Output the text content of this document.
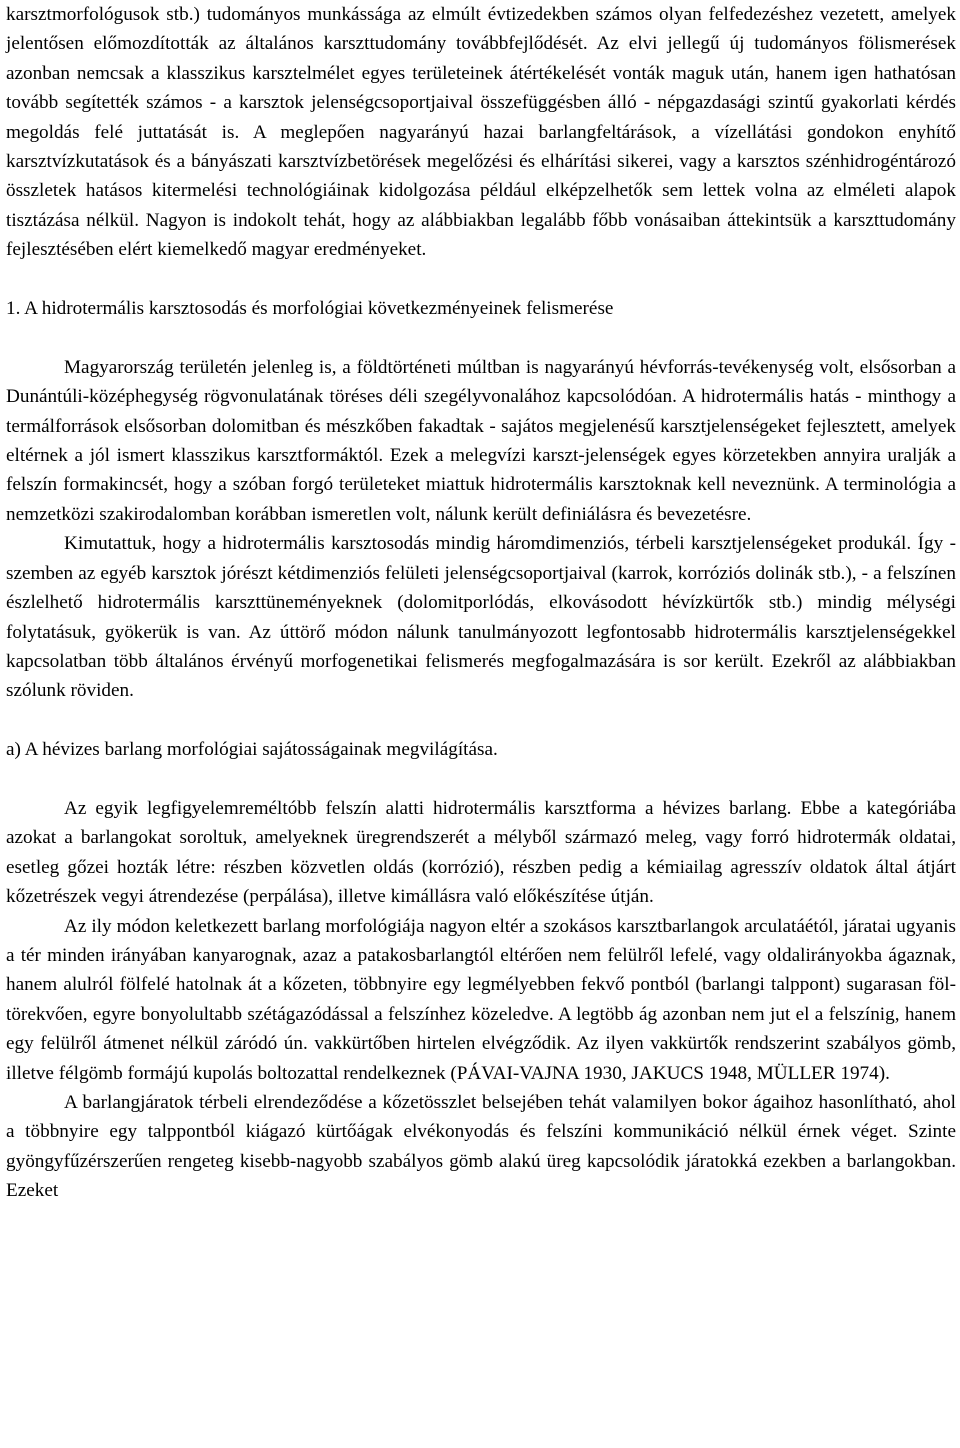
karsztmorfológusok stb.) tudományos munkássága az elmúlt évtizedekben számos olyan felfedezéshez vezetett, amelyek jelentősen előmozdították az általános karszttudomány továbbfejlődését. Az elvi jellegű új tudományos fölismerések azonban nemcsak a klasszikus karsztelmélet egyes területeinek átértékelését vonták maguk után, hanem igen hathatósan tovább segítették számos - a karsztok jelenségcsoportjaival összefüggésben álló - népgazdasági szintű gyakorlati kérdés megoldás felé juttatását is. A meglepően nagyarányú hazai barlangfeltárások, a vízellátási gondokon enyhítő karsztvízkutatások és a bányászati karsztvízbetörések megelőzési és elhárítási sikerei, vagy a karsztos szénhidrogéntározó összletek hatásos kitermelési technológiáinak kidolgozása például elképzelhetők sem lettek volna az elméleti alapok tisztázása nélkül. Nagyon is indokolt tehát, hogy az alábbiakban legalább főbb vonásaiban áttekintsük a karszttudomány fejlesztésében elért kiemelkedő magyar eredményeket.

1. A hidrotermális karsztosodás és morfológiai következményeinek felismerése

Magyarország területén jelenleg is, a földtörténeti múltban is nagyarányú hévforrás-tevékenység volt, elsősorban a Dunántúli-középhegység rögvonulatának töréses déli szegélyvonalához kapcsolódóan. A hidrotermális hatás - minthogy a termálforrások elsősorban dolomitban és mészkőben fakadtak - sajátos megjelenésű karsztjelenségeket fejlesztett, amelyek eltérnek a jól ismert klasszikus karsztformáktól. Ezek a melegvízi karszt-jelenségek egyes körzetekben annyira uralják a felszín formakincsét, hogy a szóban forgó területeket miattuk hidrotermális karsztoknak kell neveznünk. A terminológia a nemzetközi szakirodalomban korábban ismeretlen volt, nálunk került definiálásra és bevezetésre.

Kimutattuk, hogy a hidrotermális karsztosodás mindig háromdimenziós, térbeli karsztjelenségeket produkál. Így - szemben az egyéb karsztok jórészt kétdimenziós felületi jelenségcsoportjaival (karrok, korróziós dolinák stb.), - a felszínen észlelhető hidrotermális karszttüneményeknek (dolomitporlódás, elkovásodott hévízkürtők stb.) mindig mélységi folytatásuk, gyökerük is van. Az úttörő módon nálunk tanulmányozott legfontosabb hidrotermális karsztjelenségekkel kapcsolatban több általános érvényű morfogenetikai felismerés megfogalmazására is sor került. Ezekről az alábbiakban szólunk röviden.

a) A hévizes barlang morfológiai sajátosságainak megvilágítása.

Az egyik legfigyelemreméltóbb felszín alatti hidrotermális karsztforma a hévizes barlang. Ebbe a kategóriába azokat a barlangokat soroltuk, amelyeknek üregrendszerét a mélyből származó meleg, vagy forró hidrotermák oldatai, esetleg gőzei hozták létre: részben közvetlen oldás (korrózió), részben pedig a kémiailag agresszív oldatok által átjárt kőzetrészek vegyi átrendezése (perpálása), illetve kimállásra való előkészítése útján.

Az ily módon keletkezett barlang morfológiája nagyon eltér a szokásos karsztbarlangok arculatáétól, járatai ugyanis a tér minden irányában kanyarognak, azaz a patakosbarlangtól eltérően nem felülről lefelé, vagy oldalirányokba ágaznak, hanem alulról fölfelé hatolnak át a kőzeten, többnyire egy legmélyebben fekvő pontból (barlangi talppont) sugarasan föl-törekvően, egyre bonyolultabb szétágazódással a felszínhez közeledve. A legtöbb ág azonban nem jut el a felszínig, hanem egy felülről átmenet nélkül záródó ún. vakkürtőben hirtelen elvégződik. Az ilyen vakkürtők rendszerint szabályos gömb, illetve félgömb formájú kupolás boltozattal rendelkeznek (PÁVAI-VAJNA 1930, JAKUCS 1948, MÜLLER 1974).

A barlangjáratok térbeli elrendeződése a kőzetösszlet belsejében tehát valamilyen bokor ágaihoz hasonlítható, ahol a többnyire egy talppontból kiágazó kürtőágak elvékonyodás és felszíni kommunikáció nélkül érnek véget. Szinte gyöngyfűzérszerűen rengeteg kisebb-nagyobb szabályos gömb alakú üreg kapcsolódik járatokká ezekben a barlangokban. Ezeket
